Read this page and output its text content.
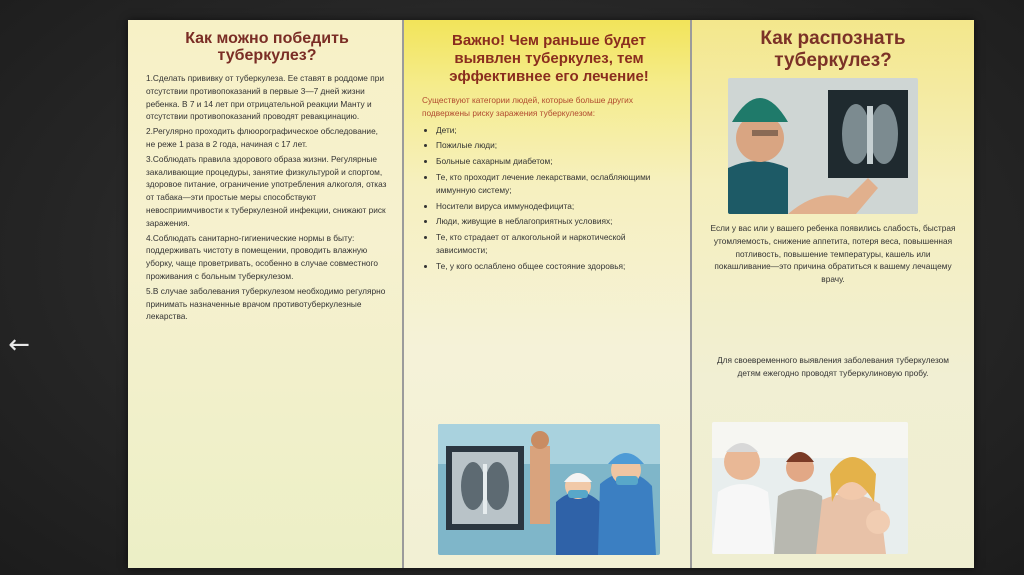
←
Как можно победить туберкулез?

1.Сделать прививку от туберкулеза. Ее ставят в роддоме при отсутствии противопоказаний в первые 3—7 дней жизни ребенка. В 7 и 14 лет при отрицательной реакции Манту и отсутствии противопоказаний проводят ревакцинацию.

2.Регулярно проходить флюорографическое обследование, не реже 1 раза в 2 года, начиная с 17 лет.

3.Соблюдать правила здорового образа жизни. Регулярные закаливающие процедуры, занятие физкультурой и спортом, здоровое питание, ограничение употребления алкоголя, отказ от табака—эти простые меры способствуют невосприимчивости к туберкулезной инфекции, снижают риск заражения.

4.Соблюдать санитарно-гигиенические нормы в быту: поддерживать чистоту в помещении, проводить влажную уборку, чаще проветривать, особенно в случае совместного проживания с больным туберкулезом.

5.В случае заболевания туберкулезом необходимо регулярно принимать назначенные врачом противотуберкулезные лекарства.

Важно! Чем раньше будет выявлен туберкулез, тем эффективнее его лечение!
Существуют категории людей, которые больше других подвержены риску заражения туберкулезом:
• Дети;
• Пожилые люди;
• Больные сахарным диабетом;
• Те, кто проходит лечение лекарствами, ослабляющими иммунную систему;
• Носители вируса иммунодефицита;
• Люди, живущие в неблагоприятных условиях;
• Те, кто страдает от алкогольной и наркотической зависимости;
• Те, у кого ослаблено общее состояние здоровья;
Как распознать туберкулез?
Если у вас или у вашего ребенка появились слабость, быстрая утомляемость, снижение аппетита, потеря веса, повышенная потливость, повышение температуры, кашель или покашливание—это причина обратиться к вашему лечащему врачу.
Для своевременного выявления заболевания туберкулезом детям ежегодно проводят туберкулиновую пробу.
